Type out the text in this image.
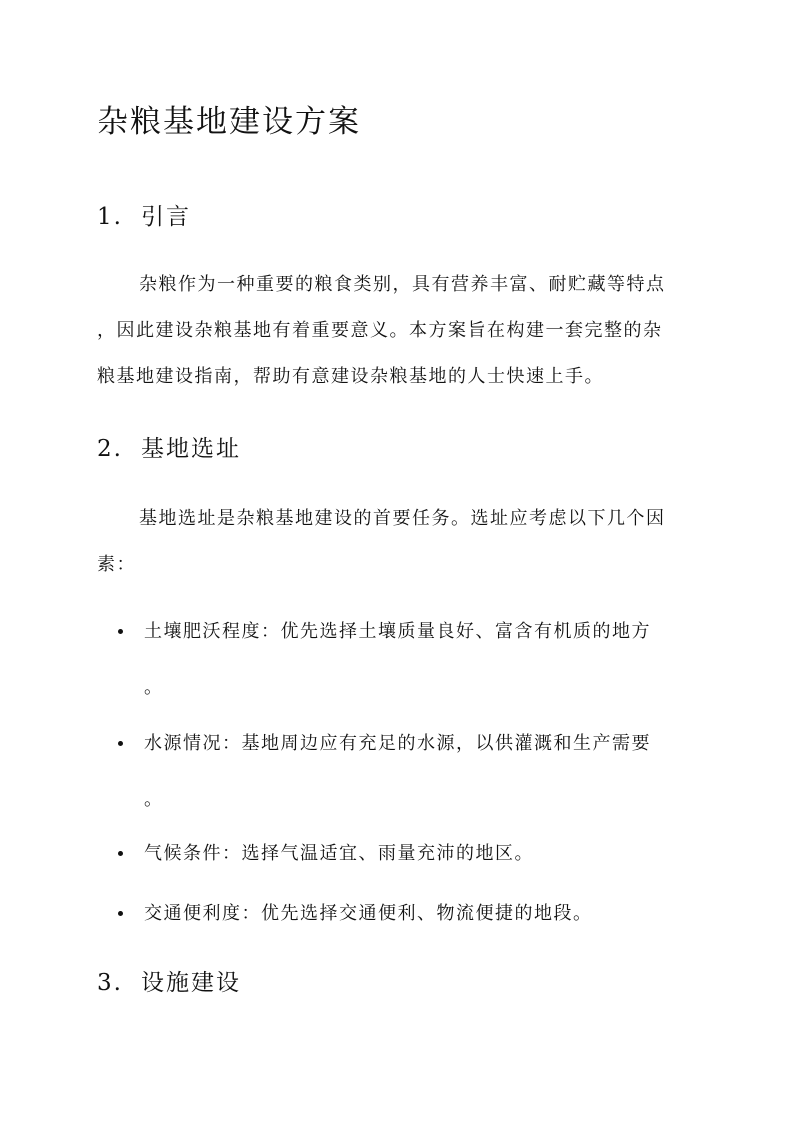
杂粮基地建设方案
1. 引言
杂粮作为一种重要的粮食类别，具有营养丰富、耐贮藏等特点
，因此建设杂粮基地有着重要意义。本方案旨在构建一套完整的杂
粮基地建设指南，帮助有意建设杂粮基地的人士快速上手。
2. 基地选址
基地选址是杂粮基地建设的首要任务。选址应考虑以下几个因
素：
土壤肥沃程度：优先选择土壤质量良好、富含有机质的地方
。
水源情况：基地周边应有充足的水源，以供灌溉和生产需要
。
气候条件：选择气温适宜、雨量充沛的地区。
交通便利度：优先选择交通便利、物流便捷的地段。
3. 设施建设
